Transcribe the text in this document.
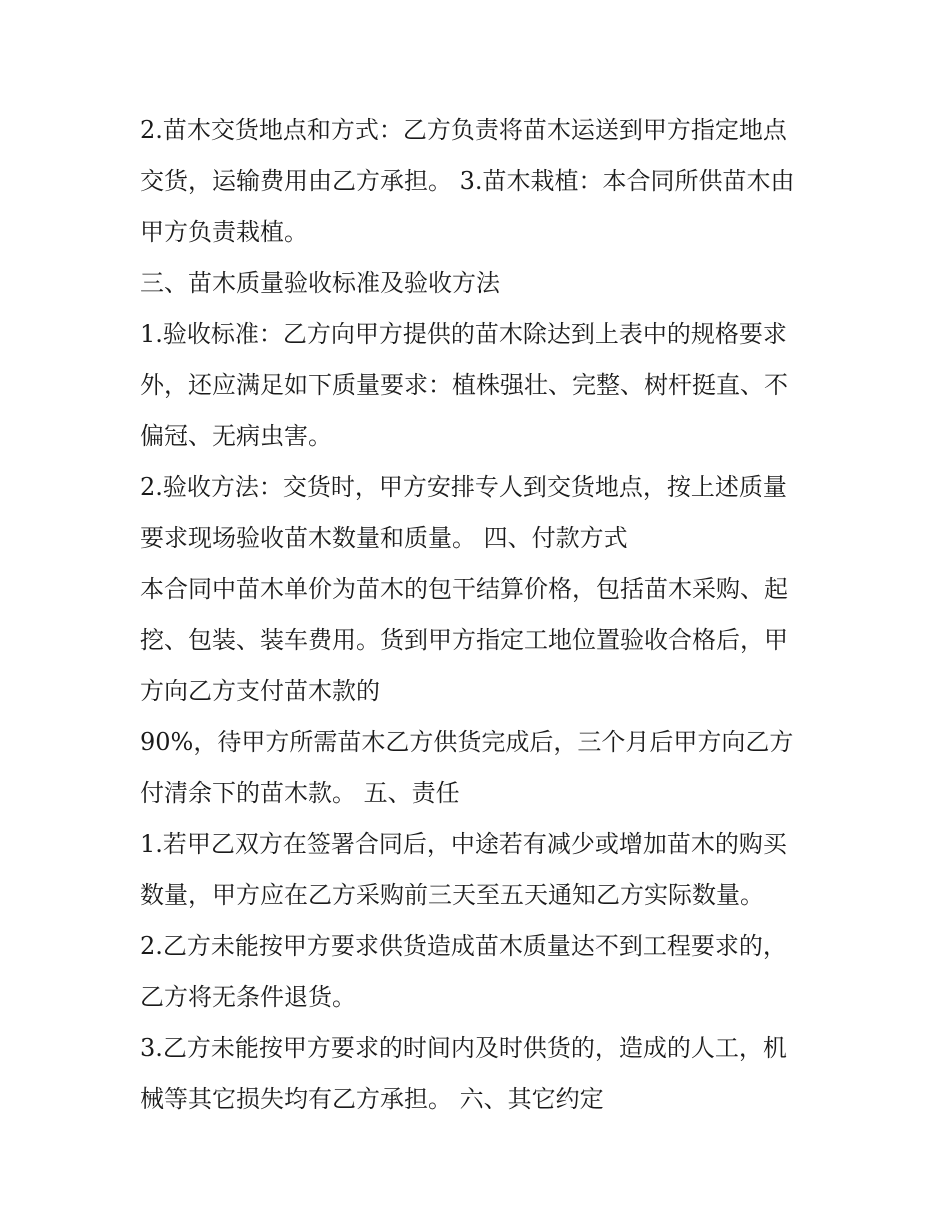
2.苗木交货地点和方式：乙方负责将苗木运送到甲方指定地点
交货，运输费用由乙方承担。 3.苗木栽植：本合同所供苗木由
甲方负责栽植。
三、苗木质量验收标准及验收方法
1.验收标准：乙方向甲方提供的苗木除达到上表中的规格要求
外，还应满足如下质量要求：植株强壮、完整、树杆挺直、不
偏冠、无病虫害。
2.验收方法：交货时，甲方安排专人到交货地点，按上述质量
要求现场验收苗木数量和质量。 四、付款方式
本合同中苗木单价为苗木的包干结算价格，包括苗木采购、起
挖、包装、装车费用。货到甲方指定工地位置验收合格后，甲
方向乙方支付苗木款的
90%，待甲方所需苗木乙方供货完成后，三个月后甲方向乙方
付清余下的苗木款。 五、责任
1.若甲乙双方在签署合同后，中途若有减少或增加苗木的购买
数量，甲方应在乙方采购前三天至五天通知乙方实际数量。
2.乙方未能按甲方要求供货造成苗木质量达不到工程要求的，
乙方将无条件退货。
3.乙方未能按甲方要求的时间内及时供货的，造成的人工，机
械等其它损失均有乙方承担。 六、其它约定
